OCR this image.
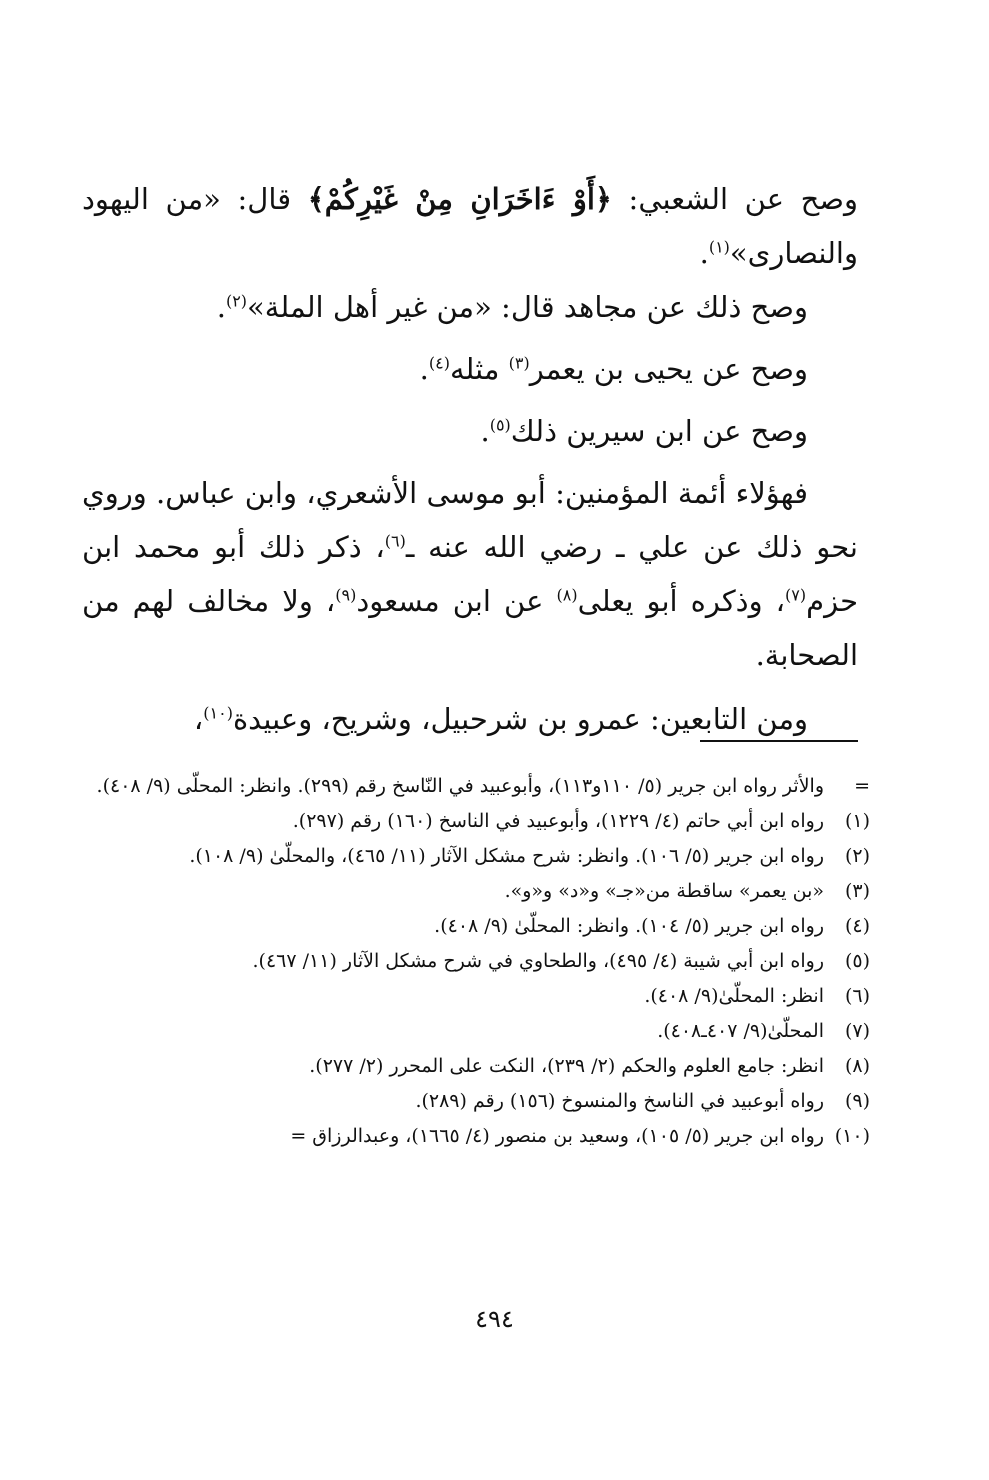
وصح عن الشعبي: ﴿أَوْ ءَاخَرَانِ مِنْ غَيْرِكُمْ﴾ قال: «من اليهود والنصارى»$^{(١)}$.

وصح ذلك عن مجاهد قال: «من غير أهل الملة»$^{(٢)}$.

وصح عن يحيى بن يعمر$^{(٣)}$ مثله$^{(٤)}$.

وصح عن ابن سيرين ذلك$^{(٥)}$.

فهؤلاء أئمة المؤمنين: أبو موسى الأشعري، وابن عباس. وروي نحو ذلك عن علي ـ رضي الله عنه ـ$^{(٦)}$، ذكر ذلك أبو محمد ابن حزم$^{(٧)}$، وذكره أبو يعلى$^{(٨)}$ عن ابن مسعود$^{(٩)}$، ولا مخالف لهم من الصحابة.

ومن التابعين: عمرو بن شرحبيل، وشريح، وعبيدة$^{(١٠)}$،

=
والأثر رواه ابن جرير (٥/ ١١٠و١١٣)، وأبوعبيد في النّاسخ رقم (٢٩٩). وانظر: المحلّى (٩/ ٤٠٨).
(١)
رواه ابن أبي حاتم (٤/ ١٢٢٩)، وأبوعبيد في الناسخ (١٦٠) رقم (٢٩٧).
(٢)
رواه ابن جرير (٥/ ١٠٦). وانظر: شرح مشكل الآثار (١١/ ٤٦٥)، والمحلّىٰ (٩/ ١٠٨).
(٣)
«بن يعمر» ساقطة من«جـ» و«د» و«و».
(٤)
رواه ابن جرير (٥/ ١٠٤). وانظر: المحلّىٰ (٩/ ٤٠٨).
(٥)
رواه ابن أبي شيبة (٤/ ٤٩٥)، والطحاوي في شرح مشكل الآثار (١١/ ٤٦٧).
(٦)
انظر: المحلّىٰ(٩/ ٤٠٨).
(٧)
المحلّىٰ(٩/ ٤٠٧ـ٤٠٨).
(٨)
انظر: جامع العلوم والحكم (٢/ ٢٣٩)، النكت على المحرر (٢/ ٢٧٧).
(٩)
رواه أبوعبيد في الناسخ والمنسوخ (١٥٦) رقم (٢٨٩).
(١٠)
رواه ابن جرير (٥/ ١٠٥)، وسعيد بن منصور (٤/ ١٦٦٥)، وعبدالرزاق =
٤٩٤
